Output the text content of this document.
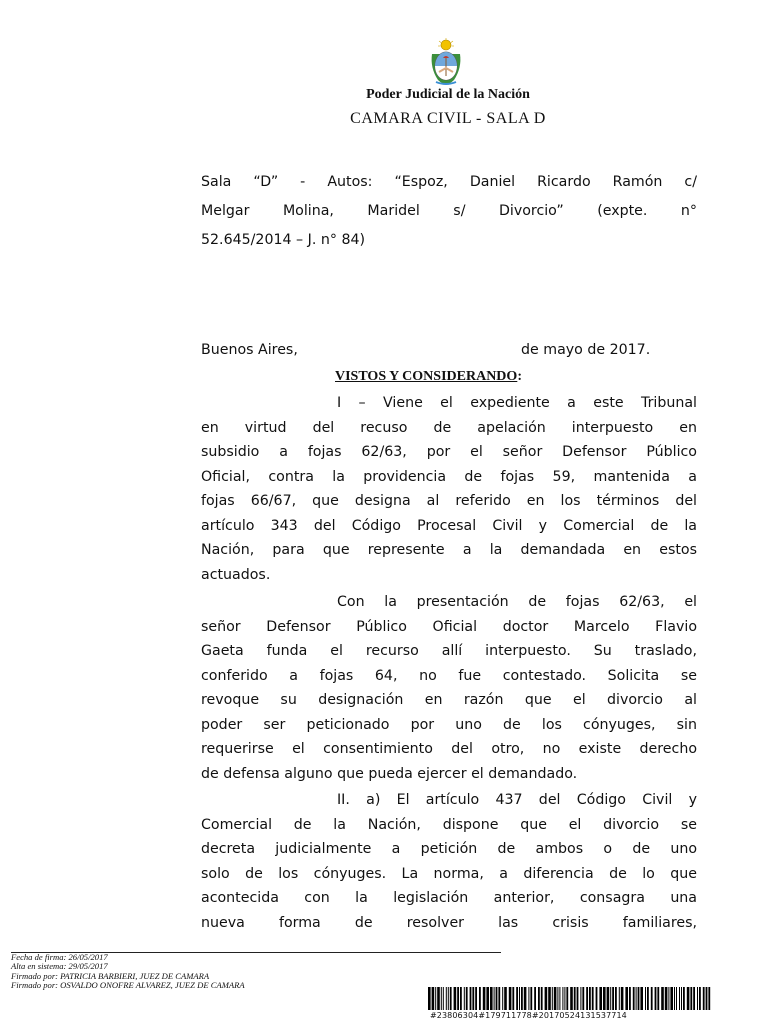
Poder Judicial de la Nación
CAMARA CIVIL - SALA D
Sala “D” - Autos: “Espoz, Daniel Ricardo Ramón c/
Melgar Molina, Maridel s/ Divorcio” (expte. n°
52.645/2014 – J. n° 84)
Buenos Aires,	de mayo de 2017.
VISTOS Y CONSIDERANDO:
I – Viene el expediente a este Tribunal
en virtud del recuso de apelación interpuesto en
subsidio a fojas 62/63, por el señor Defensor Público
Oficial, contra la providencia de fojas 59, mantenida a
fojas 66/67, que designa al referido en los términos del
artículo 343 del Código Procesal Civil y Comercial de la
Nación, para que represente a la demandada en estos
actuados.
Con la presentación de fojas 62/63, el
señor Defensor Público Oficial doctor Marcelo Flavio
Gaeta funda el recurso allí interpuesto. Su traslado,
conferido a fojas 64, no fue contestado. Solicita se
revoque su designación en razón que el divorcio al
poder ser peticionado por uno de los cónyuges, sin
requerirse el consentimiento del otro, no existe derecho
de defensa alguno que pueda ejercer el demandado.
II. a) El artículo 437 del Código Civil y
Comercial de la Nación, dispone que el divorcio se
decreta judicialmente a petición de ambos o de uno
solo de los cónyuges. La norma, a diferencia de lo que
acontecida con la legislación anterior, consagra una
nueva forma de resolver las crisis familiares,
Fecha de firma: 26/05/2017
Alta en sistema: 29/05/2017
Firmado por: PATRICIA BARBIERI, JUEZ DE CAMARA
Firmado por: OSVALDO ONOFRE ALVAREZ, JUEZ DE CAMARA
#23806304#179711778#20170524131537714
